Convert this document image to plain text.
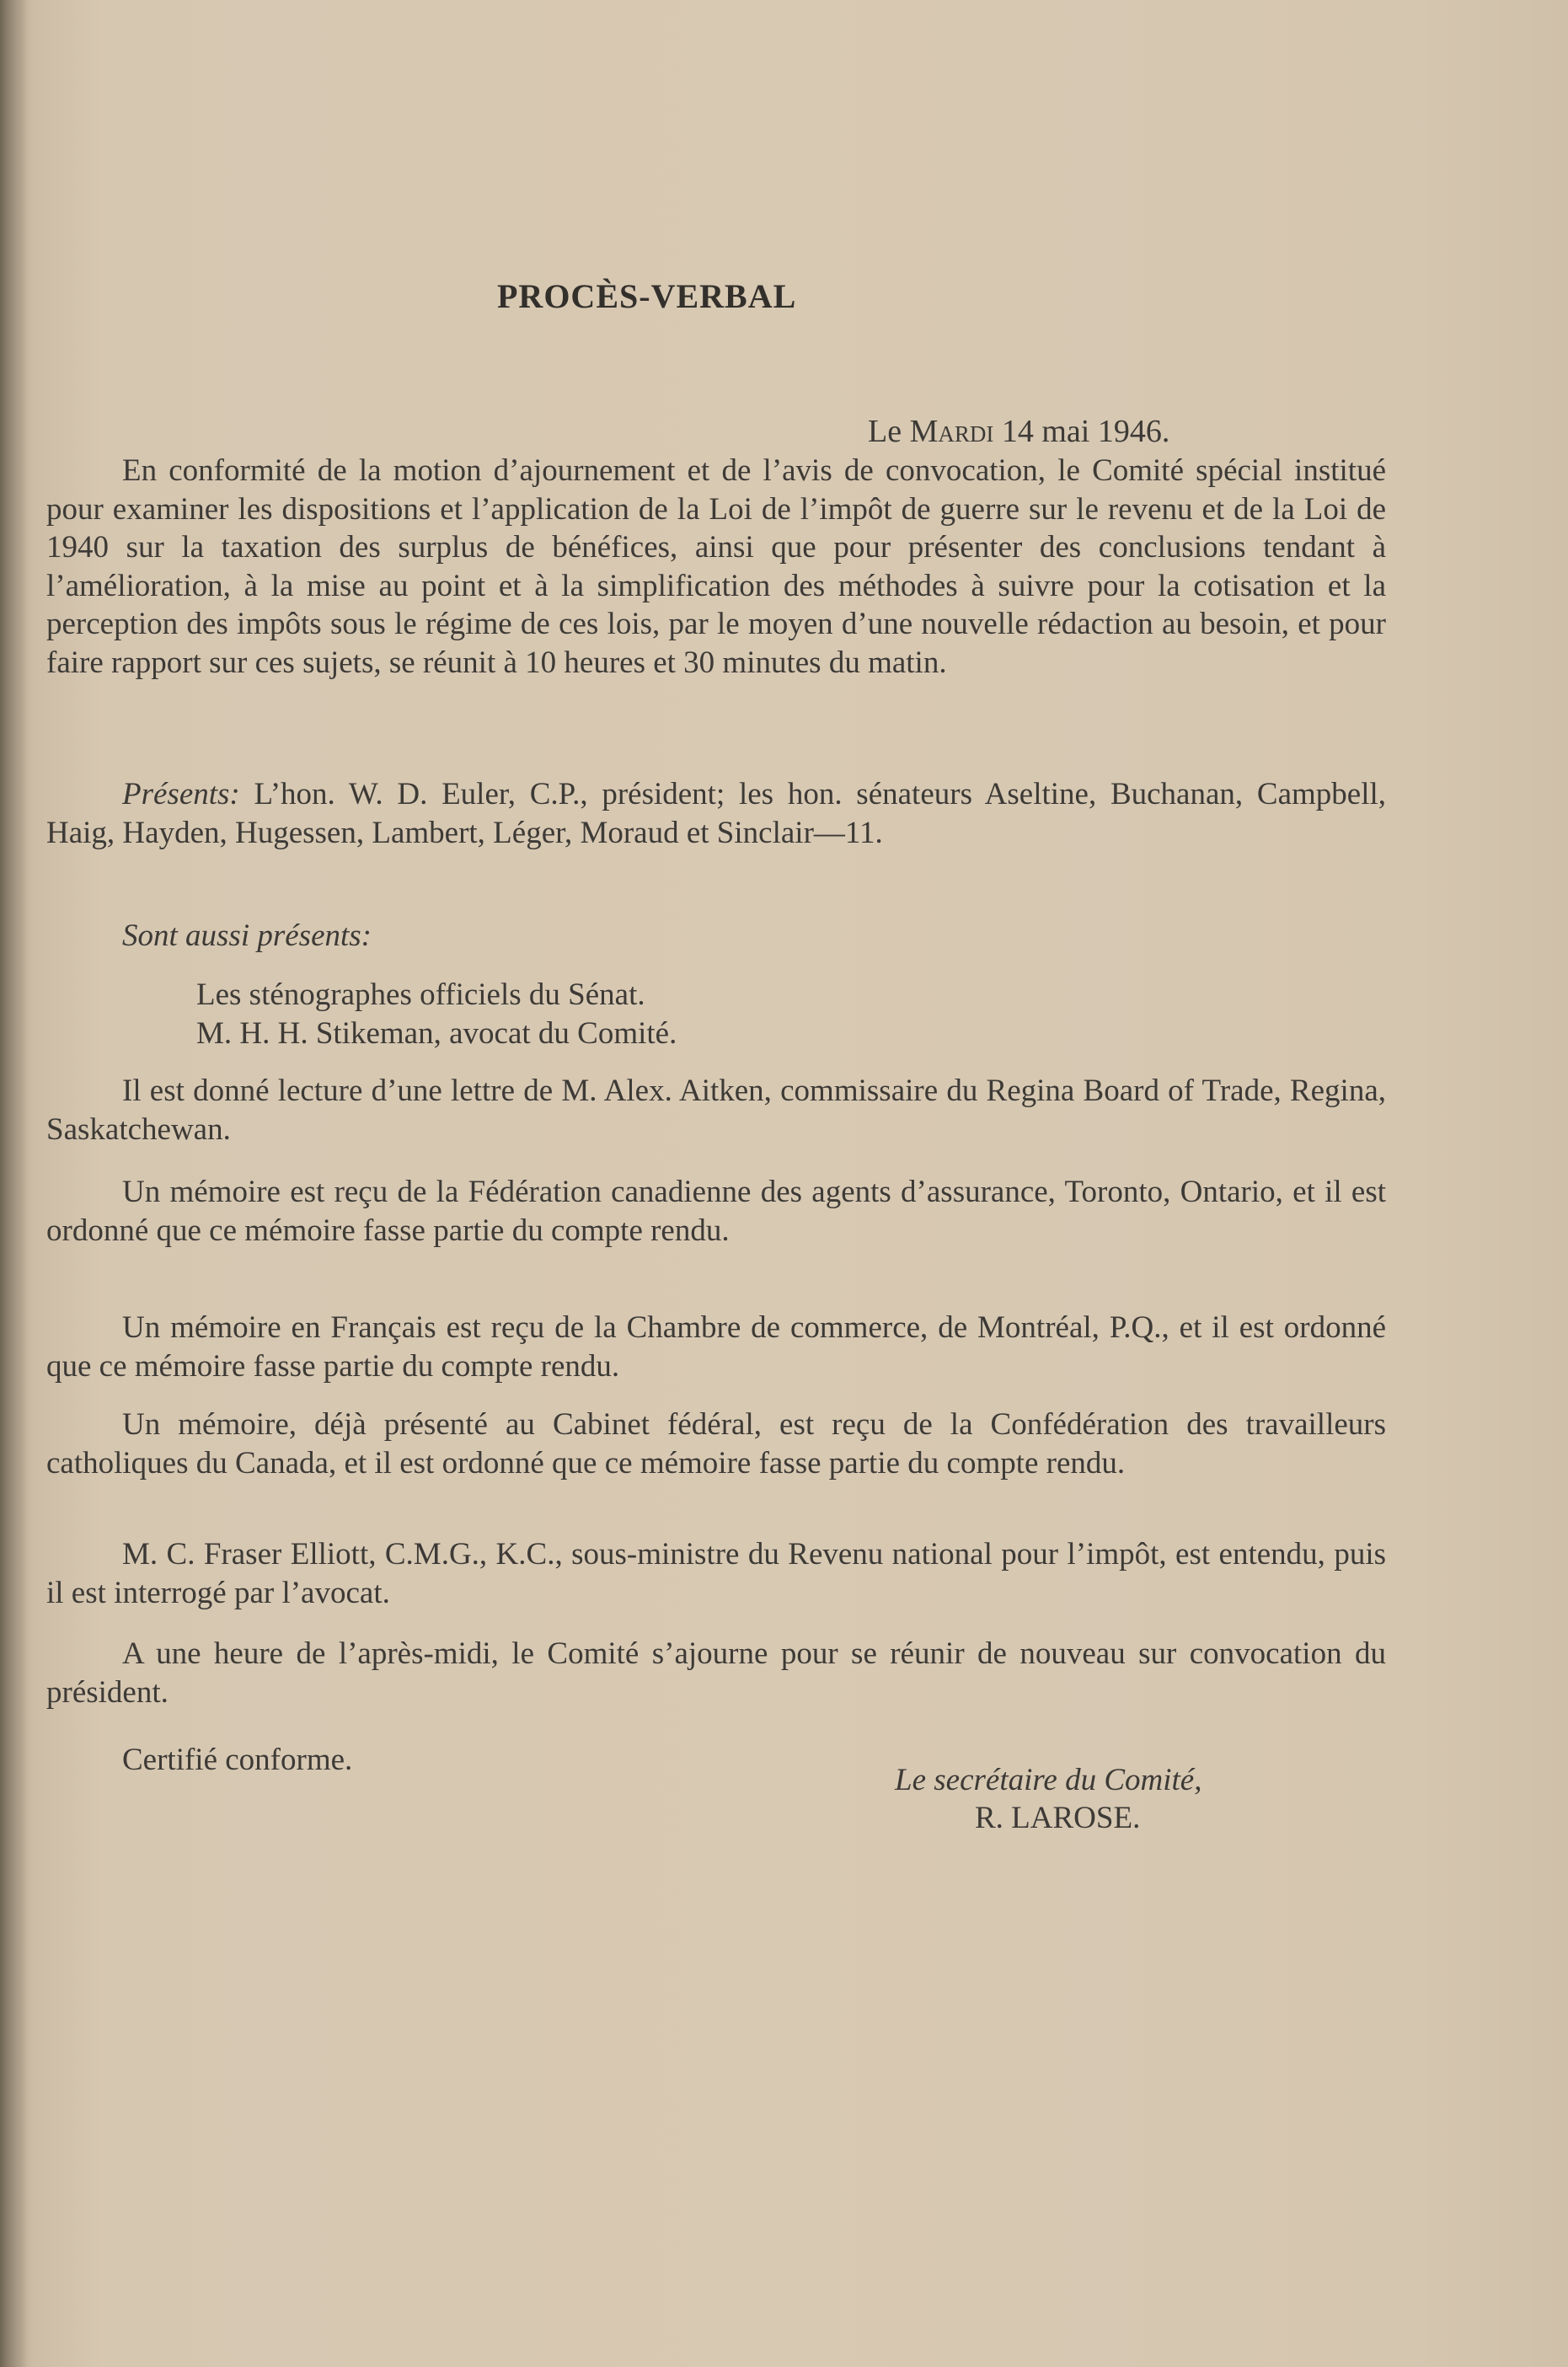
PROCÈS-VERBAL
Le Mardi 14 mai 1946.

En conformité de la motion d’ajournement et de l’avis de convocation, le Comité spécial institué pour examiner les dispositions et l’application de la Loi de l’impôt de guerre sur le revenu et de la Loi de 1940 sur la taxation des surplus de bénéfices, ainsi que pour présenter des conclusions tendant à l’amélioration, à la mise au point et à la simplification des méthodes à suivre pour la cotisation et la perception des impôts sous le régime de ces lois, par le moyen d’une nouvelle rédaction au besoin, et pour faire rapport sur ces sujets, se réunit à 10 heures et 30 minutes du matin.

Présents: L’hon. W. D. Euler, C.P., président; les hon. sénateurs Aseltine, Buchanan, Campbell, Haig, Hayden, Hugessen, Lambert, Léger, Moraud et Sinclair—11.

Sont aussi présents:

Les sténographes officiels du Sénat.
M. H. H. Stikeman, avocat du Comité.

Il est donné lecture d’une lettre de M. Alex. Aitken, commissaire du Regina Board of Trade, Regina, Saskatchewan.

Un mémoire est reçu de la Fédération canadienne des agents d’assurance, Toronto, Ontario, et il est ordonné que ce mémoire fasse partie du compte rendu.

Un mémoire en Français est reçu de la Chambre de commerce, de Montréal, P.Q., et il est ordonné que ce mémoire fasse partie du compte rendu.

Un mémoire, déjà présenté au Cabinet fédéral, est reçu de la Confédération des travailleurs catholiques du Canada, et il est ordonné que ce mémoire fasse partie du compte rendu.

M. C. Fraser Elliott, C.M.G., K.C., sous-ministre du Revenu national pour l’impôt, est entendu, puis il est interrogé par l’avocat.

A une heure de l’après-midi, le Comité s’ajourne pour se réunir de nouveau sur convocation du président.

Certifié conforme.

Le secrétaire du Comité,
R. LAROSE.
